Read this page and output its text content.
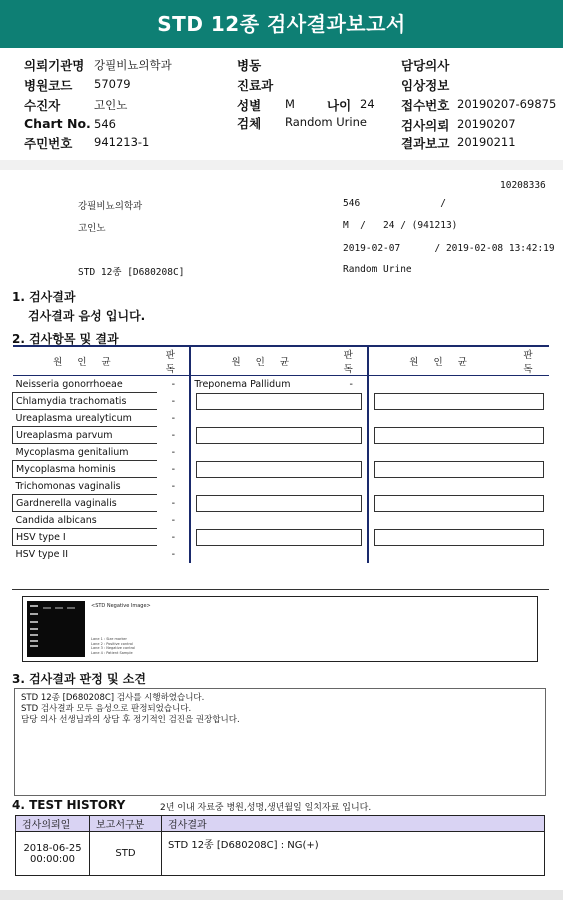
STD 12종 검사결과보고서
의뢰기관명 강필비뇨의학과
병원코드 57079
수진자	고인노
Chart No. 546
주민번호 941213-1
병동
진료과
성별 M	나이 24
검체 Random Urine
담당의사
임상정보
접수번호 20190207-69875
검사의뢰 20190207
결과보고 20190211
10208336
강필비뇨의학과	546              /
고인노	M  /   24 / (941213)
2019-02-07      / 2019-02-08 13:42:19
STD 12종 [D680208C]	Random Urine
1. 검사결과
검사결과 음성 입니다.
2. 검사항목 및 결과
원 인 균	판 독	원 인 균	판 독	원 인 균	판 독
Neisseria gonorrhoeae	-	Treponema Pallidum	-		
Chlamydia trachomatis	-			

Ureaplasma urealyticum	-				
Ureaplasma parvum	-			

Mycoplasma genitalium	-				
Mycoplasma hominis	-			

Trichomonas vaginalis	-				
Gardnerella vaginalis	-			

Candida albicans	-				
HSV type I	-			

HSV type II	-				
<STD Negative Image>
Lane 1 : Size marker
Lane 2 : Positive control
Lane 3 : Negative control
Lane 4 : Patient Sample
3. 검사결과 판정 및 소견
STD 12종 [D680208C] 검사를 시행하였습니다.
STD 검사결과 모두 음성으로 판정되었습니다.
담당 의사 선생님과의 상담 후 정기적인 검진을 권장합니다.
4. TEST HISTORY	2년 이내 자료중 병원,성명,생년월일 일치자료 입니다.
검사의뢰일	보고서구분	검사결과

2018-06-25
00:00:00	STD	STD 12종 [D680208C] : NG(+)
